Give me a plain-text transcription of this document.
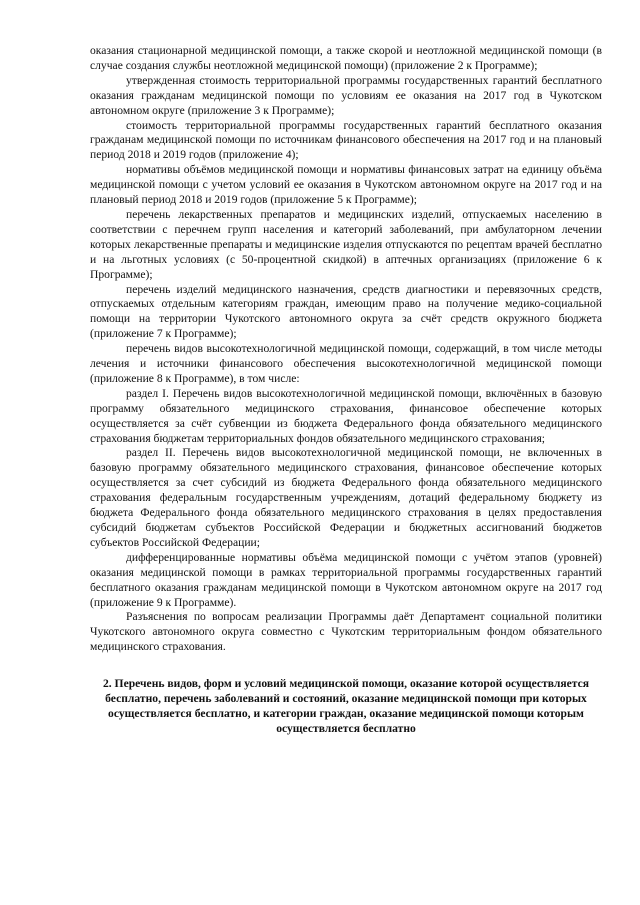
оказания стационарной медицинской помощи, а также скорой и неотложной медицинской помощи (в случае создания службы неотложной медицинской помощи) (приложение 2 к Программе);

утвержденная стоимость территориальной программы государственных гарантий бесплатного оказания гражданам медицинской помощи по условиям ее оказания на 2017 год в Чукотском автономном округе (приложение 3 к Программе);

стоимость территориальной программы государственных гарантий бесплатного оказания гражданам медицинской помощи по источникам финансового обеспечения на 2017 год и на плановый период 2018 и 2019 годов (приложение 4);

нормативы объёмов медицинской помощи и нормативы финансовых затрат на единицу объёма медицинской помощи с учетом условий ее оказания в Чукотском автономном округе на 2017 год и на плановый период 2018 и 2019 годов (приложение 5 к Программе);

перечень лекарственных препаратов и медицинских изделий, отпускаемых населению в соответствии с перечнем групп населения и категорий заболеваний, при амбулаторном лечении которых лекарственные препараты и медицинские изделия отпускаются по рецептам врачей бесплатно и на льготных условиях (с 50-процентной скидкой) в аптечных организациях (приложение 6 к Программе);

перечень изделий медицинского назначения, средств диагностики и перевязочных средств, отпускаемых отдельным категориям граждан, имеющим право на получение медико-социальной помощи на территории Чукотского автономного округа за счёт средств окружного бюджета (приложение 7 к Программе);

перечень видов высокотехнологичной медицинской помощи, содержащий, в том числе методы лечения и источники финансового обеспечения высокотехнологичной медицинской помощи (приложение 8 к Программе), в том числе:

раздел I. Перечень видов высокотехнологичной медицинской помощи, включённых в базовую программу обязательного медицинского страхования, финансовое обеспечение которых осуществляется за счёт субвенции из бюджета Федерального фонда обязательного медицинского страхования бюджетам территориальных фондов обязательного медицинского страхования;

раздел II. Перечень видов высокотехнологичной медицинской помощи, не включенных в базовую программу обязательного медицинского страхования, финансовое обеспечение которых осуществляется за счет субсидий из бюджета Федерального фонда обязательного медицинского страхования федеральным государственным учреждениям, дотаций федеральному бюджету из бюджета Федерального фонда обязательного медицинского страхования в целях предоставления субсидий бюджетам субъектов Российской Федерации и бюджетных ассигнований бюджетов субъектов Российской Федерации;

дифференцированные нормативы объёма медицинской помощи с учётом этапов (уровней) оказания медицинской помощи в рамках территориальной программы государственных гарантий бесплатного оказания гражданам медицинской помощи в Чукотском автономном округе на 2017 год (приложение 9 к Программе).

Разъяснения по вопросам реализации Программы даёт Департамент социальной политики Чукотского автономного округа совместно с Чукотским территориальным фондом обязательного медицинского страхования.

2. Перечень видов, форм и условий медицинской помощи, оказание которой осуществляется бесплатно, перечень заболеваний и состояний, оказание медицинской помощи при которых осуществляется бесплатно, и категории граждан, оказание медицинской помощи которым осуществляется бесплатно
